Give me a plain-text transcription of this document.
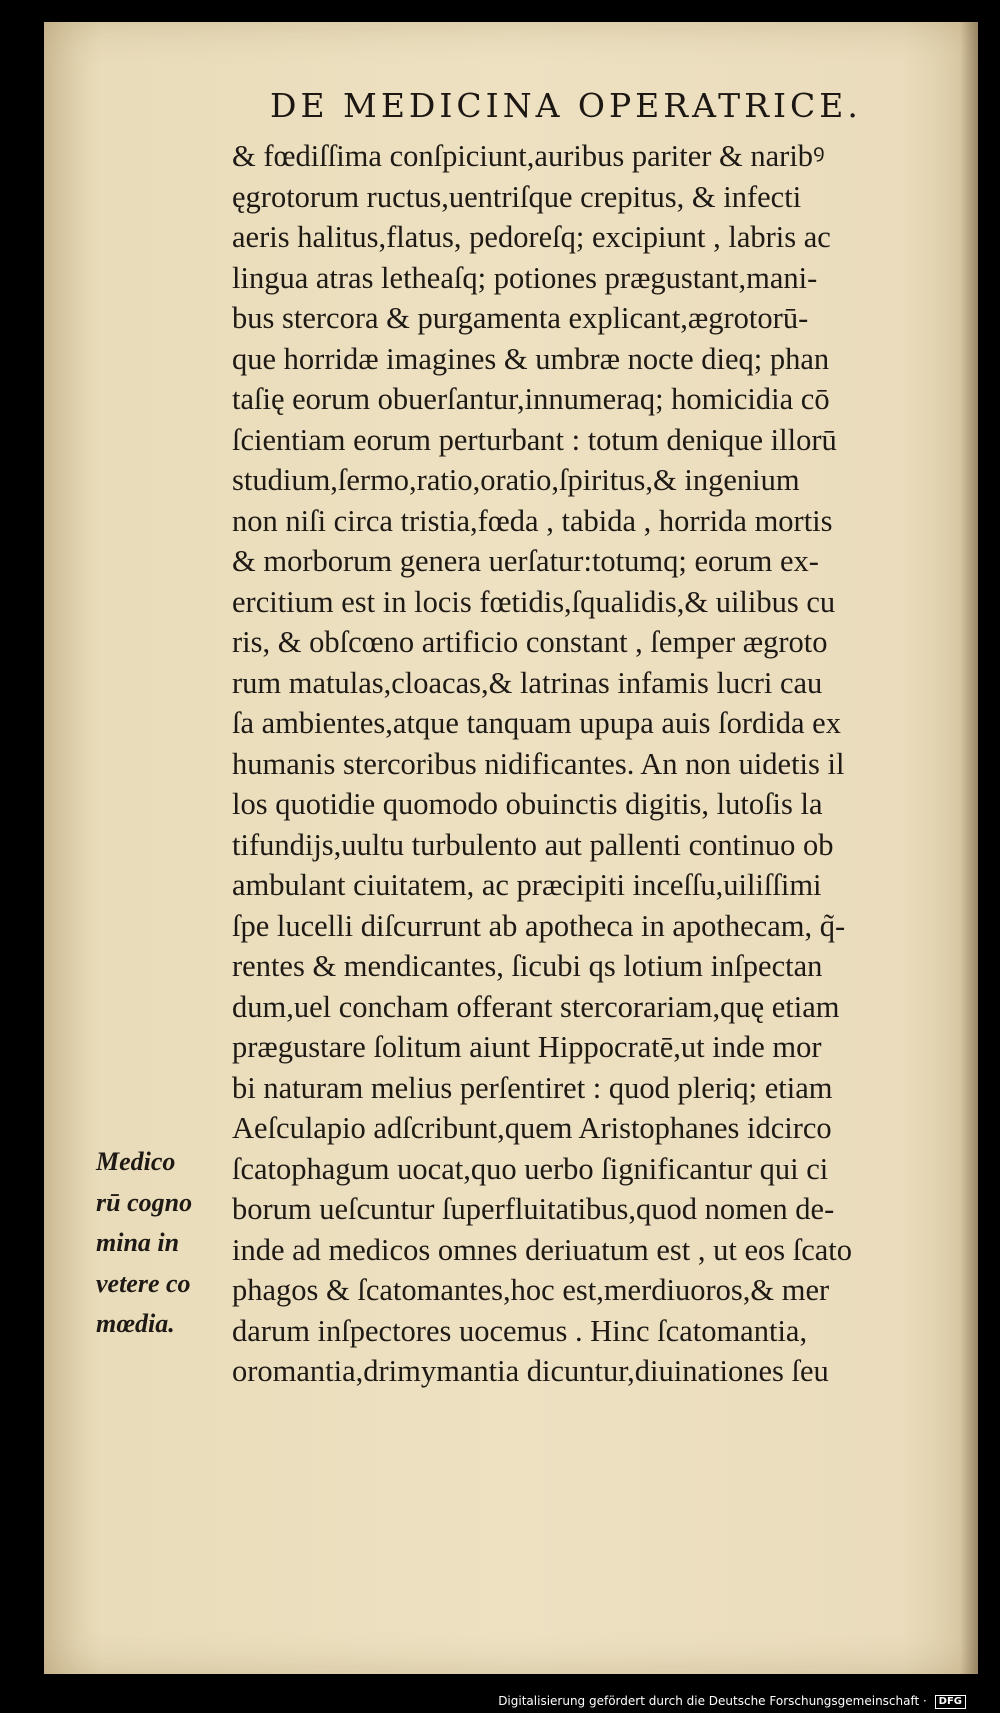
DE MEDICINA OPERATRICE.
& fœdiſſima conſpiciunt,auribus pariter & naribꝰ
ęgrotorum ructus,uentriſque crepitus, & infecti
aeris halitus,flatus, pedoreſq; excipiunt , labris ac
lingua atras letheaſq; potiones prægustant,mani-
bus stercora & purgamenta explicant,ægrotorū-
que horridæ imagines & umbræ nocte dieq; phan
taſię eorum obuerſantur,innumeraq; homicidia cō
ſcientiam eorum perturbant : totum denique illorū
studium,ſermo,ratio,oratio,ſpiritus,& ingenium
non niſi circa tristia,fœda , tabida , horrida mortis
& morborum genera uerſatur:totumq; eorum ex-
ercitium est in locis fœtidis,ſqualidis,& uilibus cu
ris, & obſcœno artificio constant , ſemper ægroto
rum matulas,cloacas,& latrinas infamis lucri cau
ſa ambientes,atque tanquam upupa auis ſordida ex
humanis stercoribus nidificantes. An non uidetis il
los quotidie quomodo obuinctis digitis, lutoſis la
tifundijs,uultu turbulento aut pallenti continuo ob
ambulant ciuitatem, ac præcipiti inceſſu,uiliſſimi
ſpe lucelli diſcurrunt ab apotheca in apothecam, q̃-
rentes & mendicantes, ſicubi qs lotium inſpectan
dum,uel concham offerant stercorariam,quę etiam
prægustare ſolitum aiunt Hippocratē,ut inde mor
bi naturam melius perſentiret : quod pleriq; etiam
Aeſculapio adſcribunt,quem Aristophanes idcirco
ſcatophagum uocat,quo uerbo ſignificantur qui ci
borum ueſcuntur ſuperfluitatibus,quod nomen de-
inde ad medicos omnes deriuatum est , ut eos ſcato
phagos & ſcatomantes,hoc est,merdiuoros,& mer
darum inſpectores uocemus . Hinc ſcatomantia,
oromantia,drimymantia dicuntur,diuinationes ſeu
Medico
rū cogno
mina in
vetere co
mœdia.
Digitalisierung gefördert durch die Deutsche Forschungsgemeinschaft · DFG
